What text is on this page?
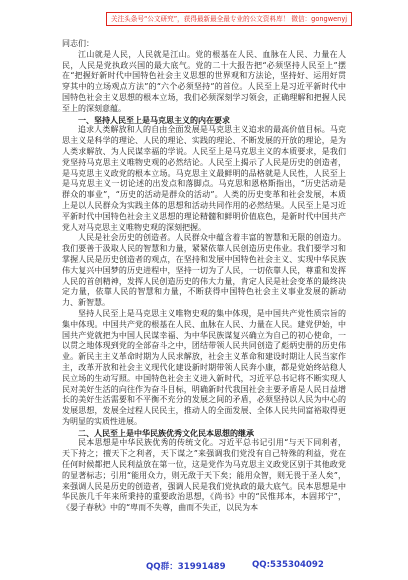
关注头条号“公文研究”，获得最新最全最专业的公文资料库！ 微信：gongwenyj

同志们：

江山就是人民，人民就是江山。党的根基在人民、血脉在人民、力量在人民，人民是党执政兴国的最大底气。党的二十大报告把“必须坚持人民至上”摆在“把握好新时代中国特色社会主义思想的世界观和方法论，坚持好、运用好贯穿其中的立场观点方法”的“六个必须坚持”的首位。人民至上是习近平新时代中国特色社会主义思想的根本立场，我们必须深刻学习领会，正确理解和把握人民至上的深刻意蕴。

一、坚持人民至上是马克思主义的内在要求

追求人类解放和人的自由全面发展是马克思主义追求的最高价值目标。马克思主义是科学的理论、人民的理论、实践的理论、不断发展的开放的理论，是为人类求解放、为人民谋幸福的学说。人民至上是马克思主义的本质要求，是我们党坚持马克思主义唯物史观的必然结论。人民至上揭示了人民是历史的创造者，是马克思主义政党的根本立场。马克思主义最鲜明的品格就是人民性，人民至上是马克思主义一切论述的出发点和落脚点。马克思和恩格斯指出，“历史活动是群众的事业”，“历史的活动是群众的活动”。人类的历史变革和社会发展，本质上是以人民群众为实践主体的思想和活动共同作用的必然结果。人民至上是习近平新时代中国特色社会主义思想的理论精髓和鲜明价值底色，是新时代中国共产党人对马克思主义唯物史观的深刻把握。

人民是社会历史的创造者。人民群众中蕴含着丰富的智慧和无限的创造力。我们要善于汲取人民的智慧和力量，紧紧依靠人民创造历史伟业。我们要学习和掌握人民是历史创造者的观点，在坚持和发展中国特色社会主义、实现中华民族伟大复兴中国梦的历史进程中，坚持一切为了人民，一切依靠人民，尊重和发挥人民的首创精神，发挥人民创造历史的伟大力量，肯定人民是社会变革的最终决定力量，依靠人民的智慧和力量，不断获得中国特色社会主义事业发展的新动力、新智慧。

坚持人民至上是马克思主义唯物史观的集中体现，是中国共产党性质宗旨的集中体现。中国共产党的根基在人民、血脉在人民、力量在人民。建党伊始，中国共产党就把为中国人民谋幸福、为中华民族谋复兴确立为自己的初心使命，一以贯之地体现到党的全部奋斗之中，团结带领人民共同创造了彪炳史册的历史伟业。新民主主义革命时期为人民求解放，社会主义革命和建设时期让人民当家作主，改革开放和社会主义现代化建设新时期带领人民奔小康，都是党始终站稳人民立场的生动写照。中国特色社会主义进入新时代，习近平总书记将不断实现人民对美好生活的向往作为奋斗目标，明确新时代我国社会主要矛盾是人民日益增长的美好生活需要和不平衡不充分的发展之间的矛盾，必须坚持以人民为中心的发展思想，发展全过程人民民主，推动人的全面发展、全体人民共同富裕取得更为明显的实质性进展。

二、人民至上是中华民族优秀文化民本思想的继承

民本思想是中华民族优秀的传统文化。习近平总书记引用“与天下同利者，天下持之；擅天下之利者，天下谋之”来强调我们党没有自己特殊的利益，党在任何时候都把人民利益放在第一位，这是党作为马克思主义政党区别于其他政党的显著标志；引用“能用众力，则无敌于天下矣；能用众智，则无畏于圣人矣”，来强调人民是历史的创造者，强调人民是我们党执政的最大底气。民本思想是中华民族几千年来所秉持的重要政治思想，《尚书》中的“民惟邦本，本固邦宁”，《晏子春秋》中的“卑而不失尊，曲而不失正，以民为本

QQ群：31991489	QQ:535304092
